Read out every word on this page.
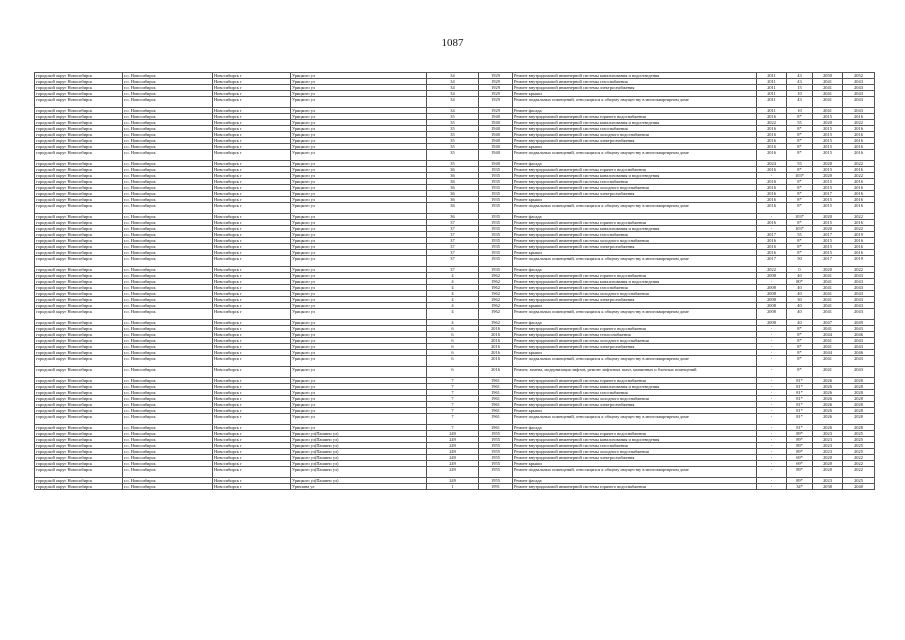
1087
городской округ Новосибирск	г.о. Новосибирск	Новосибирск г	Урицкого ул	34	1929	Ремонт внутридомовой инженерной системы канализования и водоотведения	2011	43	2050	2052
городской округ Новосибирск	г.о. Новосибирск	Новосибирск г	Урицкого ул	34	1929	Ремонт внутридомовой инженерной системы газоснабжения	2011	43	2041	2043
городской округ Новосибирск	г.о. Новосибирск	Новосибирск г	Урицкого ул	34	1929	Ремонт внутридомовой инженерной системы электроснабжения	2011	15	2041	2043
городской округ Новосибирск	г.о. Новосибирск	Новосибирск г	Урицкого ул	34	1929	Ремонт крыши	2011	10	2041	2043
городской округ Новосибирск	г.о. Новосибирск	Новосибирск г	Урицкого ул	34	1929	Ремонт подвальных помещений, относящихся к общему имуществу в многоквартирном доме	2011	43	2041	2043
городской округ Новосибирск	г.о. Новосибирск	Новосибирск г	Урицкого ул	34	1929	Ремонт фасада	2011	10	2041	2043
городской округ Новосибирск	г.о. Новосибирск	Новосибирск г	Урицкого ул	35	1940	Ремонт внутридомовой инженерной системы горячего водоснабжения	2016	8*	2015	2016
городской округ Новосибирск	г.о. Новосибирск	Новосибирск г	Урицкого ул	35	1940	Ремонт внутридомовой инженерной системы канализования и водоотведения	2022	55	2020	2022
городской округ Новосибирск	г.о. Новосибирск	Новосибирск г	Урицкого ул	35	1940	Ремонт внутридомовой инженерной системы газоснабжения	2016	8*	2015	2016
городской округ Новосибирск	г.о. Новосибирск	Новосибирск г	Урицкого ул	35	1940	Ремонт внутридомовой инженерной системы холодного водоснабжения	2016	8*	2015	2016
городской округ Новосибирск	г.о. Новосибирск	Новосибирск г	Урицкого ул	35	1940	Ремонт внутридомовой инженерной системы электроснабжения	2016	8*	2015	2016
городской округ Новосибирск	г.о. Новосибирск	Новосибирск г	Урицкого ул	35	1940	Ремонт крыши	2016	8*	2015	2016
городской округ Новосибирск	г.о. Новосибирск	Новосибирск г	Урицкого ул	35	1940	Ремонт подвальных помещений, относящихся к общему имуществу в многоквартирном доме	2016	8*	2015	2016
городской округ Новосибирск	г.о. Новосибирск	Новосибирск г	Урицкого ул	35	1940	Ремонт фасада	2024	55	2020	2022
городской округ Новосибирск	г.о. Новосибирск	Новосибирск г	Урицкого ул	36	1935	Ремонт внутридомовой инженерной системы горячего водоснабжения	2016	8*	2015	2016
городской округ Новосибирск	г.о. Новосибирск	Новосибирск г	Урицкого ул	36	1935	Ремонт внутридомовой инженерной системы канализования и водоотведения	-	103*	2020	2022
городской округ Новосибирск	г.о. Новосибирск	Новосибирск г	Урицкого ул	36	1935	Ремонт внутридомовой инженерной системы газоснабжения	2016	8*	2015	2016
городской округ Новосибирск	г.о. Новосибирск	Новосибирск г	Урицкого ул	36	1935	Ремонт внутридомовой инженерной системы холодного водоснабжения	2016	8*	2015	2016
городской округ Новосибирск	г.о. Новосибирск	Новосибирск г	Урицкого ул	36	1935	Ремонт внутридомовой инженерной системы электроснабжения	2016	8*	2017	2016
городской округ Новосибирск	г.о. Новосибирск	Новосибирск г	Урицкого ул	36	1935	Ремонт крыши	2016	8*	2015	2016
городской округ Новосибирск	г.о. Новосибирск	Новосибирск г	Урицкого ул	36	1935	Ремонт подвальных помещений, относящихся к общему имуществу в многоквартирном доме	2016	8*	2015	2016
городской округ Новосибирск	г.о. Новосибирск	Новосибирск г	Урицкого ул	36	1935	Ремонт фасада	-	103*	2020	2022
городской округ Новосибирск	г.о. Новосибирск	Новосибирск г	Урицкого ул	37	1935	Ремонт внутридомовой инженерной системы горячего водоснабжения	2016	8*	2015	2016
городской округ Новосибирск	г.о. Новосибирск	Новосибирск г	Урицкого ул	37	1935	Ремонт внутридомовой инженерной системы канализования и водоотведения	-	103*	2020	2022
городской округ Новосибирск	г.о. Новосибирск	Новосибирск г	Урицкого ул	37	1935	Ремонт внутридомовой инженерной системы газоснабжения	2017	55	2017	2019
городской округ Новосибирск	г.о. Новосибирск	Новосибирск г	Урицкого ул	37	1935	Ремонт внутридомовой инженерной системы холодного водоснабжения	2016	8*	2015	2016
городской округ Новосибирск	г.о. Новосибирск	Новосибирск г	Урицкого ул	37	1935	Ремонт внутридомовой инженерной системы электроснабжения	2016	8*	2015	2016
городской округ Новосибирск	г.о. Новосибирск	Новосибирск г	Урицкого ул	37	1935	Ремонт крыши	2016	8*	2015	2016
городской округ Новосибирск	г.о. Новосибирск	Новосибирск г	Урицкого ул	37	1935	Ремонт подвальных помещений, относящихся к общему имуществу в многоквартирном доме	2017	50	2017	2019
городской округ Новосибирск	г.о. Новосибирск	Новосибирск г	Урицкого ул	37	1935	Ремонт фасада	2022	0	2020	2022
городской округ Новосибирск	г.о. Новосибирск	Новосибирск г	Урицкого ул	4	1962	Ремонт внутридомовой инженерной системы горячего водоснабжения	2008	40	2041	2043
городской округ Новосибирск	г.о. Новосибирск	Новосибирск г	Урицкого ул	4	1962	Ремонт внутридомовой инженерной системы канализования и водоотведения	-	80*	2041	2043
городской округ Новосибирск	г.о. Новосибирск	Новосибирск г	Урицкого ул	4	1962	Ремонт внутридомовой инженерной системы газоснабжения	2008	40	2041	2043
городской округ Новосибирск	г.о. Новосибирск	Новосибирск г	Урицкого ул	4	1962	Ремонт внутридомовой инженерной системы холодного водоснабжения	2008	40	2041	2043
городской округ Новосибирск	г.о. Новосибирск	Новосибирск г	Урицкого ул	4	1962	Ремонт внутридомовой инженерной системы электроснабжения	2008	30	2041	2043
городской округ Новосибирск	г.о. Новосибирск	Новосибирск г	Урицкого ул	4	1962	Ремонт крыши	2008	40	2041	2043
городской округ Новосибирск	г.о. Новосибирск	Новосибирск г	Урицкого ул	4	1962	Ремонт подвальных помещений, относящихся к общему имуществу в многоквартирном доме	2008	40	2041	2043
городской округ Новосибирск	г.о. Новосибирск	Новосибирск г	Урицкого ул	4	1962	Ремонт фасада	2008	40	2047	2049
городской округ Новосибирск	г.о. Новосибирск	Новосибирск г	Урицкого ул	6	2016	Ремонт внутридомовой инженерной системы горячего водоснабжения	-	8*	2041	2043
городской округ Новосибирск	г.о. Новосибирск	Новосибирск г	Урицкого ул	6	2016	Ремонт внутридомовой инженерной системы теплоснабжения	-	8*	2044	2046
городской округ Новосибирск	г.о. Новосибирск	Новосибирск г	Урицкого ул	6	2016	Ремонт внутридомовой инженерной системы холодного водоснабжения	-	8*	2041	2043
городской округ Новосибирск	г.о. Новосибирск	Новосибирск г	Урицкого ул	6	2016	Ремонт внутридомовой инженерной системы электроснабжения	-	8*	2041	2043
городской округ Новосибирск	г.о. Новосибирск	Новосибирск г	Урицкого ул	6	2016	Ремонт крыши	-	8*	2044	2046
городской округ Новосибирск	г.о. Новосибирск	Новосибирск г	Урицкого ул	6	2016	Ремонт подвальных помещений, относящихся к общему имуществу в многоквартирном доме	-	8*	2041	2043
городской округ Новосибирск	г.о. Новосибирск	Новосибирск г	Урицкого ул	6	2016	Ремонт, замена, модернизация лифтов, ремонт лифтовых шахт, машинных и блочных помещений	-	8*	2041	2043
городской округ Новосибирск	г.о. Новосибирск	Новосибирск г	Урицкого ул	7	1961	Ремонт внутридомовой инженерной системы горячего водоснабжения	-	81*	2026	2028
городской округ Новосибирск	г.о. Новосибирск	Новосибирск г	Урицкого ул	7	1961	Ремонт внутридомовой инженерной системы канализования и водоотведения	-	81*	2026	2028
городской округ Новосибирск	г.о. Новосибирск	Новосибирск г	Урицкого ул	7	1961	Ремонт внутридомовой инженерной системы газоснабжения	-	81*	2026	2028
городской округ Новосибирск	г.о. Новосибирск	Новосибирск г	Урицкого ул	7	1961	Ремонт внутридомовой инженерной системы холодного водоснабжения	-	81*	2026	2028
городской округ Новосибирск	г.о. Новосибирск	Новосибирск г	Урицкого ул	7	1961	Ремонт внутридомовой инженерной системы электроснабжения	-	81*	2026	2028
городской округ Новосибирск	г.о. Новосибирск	Новосибирск г	Урицкого ул	7	1961	Ремонт крыши	-	81*	2026	2028
городской округ Новосибирск	г.о. Новосибирск	Новосибирск г	Урицкого ул	7	1961	Ремонт подвальных помещений, относящихся к общему имуществу в многоквартирном доме	-	81*	2026	2028
городской округ Новосибирск	г.о. Новосибирск	Новосибирск г	Урицкого ул	7	1961	Ремонт фасада	-	81*	2026	2028
городской округ Новосибирск	г.о. Новосибирск	Новосибирск г	Урицкого ул(Пашино ул)	249	1955	Ремонт внутридомовой инженерной системы горячего водоснабжения	-	89*	2023	2025
городской округ Новосибирск	г.о. Новосибирск	Новосибирск г	Урицкого ул(Пашино ул)	249	1955	Ремонт внутридомовой инженерной системы канализования и водоотведения	-	89*	2023	2025
городской округ Новосибирск	г.о. Новосибирск	Новосибирск г	Урицкого ул(Пашино ул)	249	1955	Ремонт внутридомовой инженерной системы газоснабжения	-	89*	2023	2025
городской округ Новосибирск	г.о. Новосибирск	Новосибирск г	Урицкого ул(Пашино ул)	249	1955	Ремонт внутридомовой инженерной системы холодного водоснабжения	-	89*	2023	2025
городской округ Новосибирск	г.о. Новосибирск	Новосибирск г	Урицкого ул(Пашино ул)	249	1955	Ремонт внутридомовой инженерной системы электроснабжения	-	69*	2020	2022
городской округ Новосибирск	г.о. Новосибирск	Новосибирск г	Урицкого ул(Пашино ул)	249	1955	Ремонт крыши	-	69*	2020	2022
городской округ Новосибирск	г.о. Новосибирск	Новосибирск г	Урицкого ул(Пашино ул)	249	1955	Ремонт подвальных помещений, относящихся к общему имуществу в многоквартирном доме	-	89*	2020	2022
городской округ Новосибирск	г.о. Новосибирск	Новосибирск г	Урицкого ул(Пашино ул)	249	1955	Ремонт фасада	-	89*	2023	2025
городской округ Новосибирск	г.о. Новосибирск	Новосибирск г	Урюпина ул	1	1991	Ремонт внутридомовой инженерной системы горячего водоснабжения	-	34*	2038	2040
